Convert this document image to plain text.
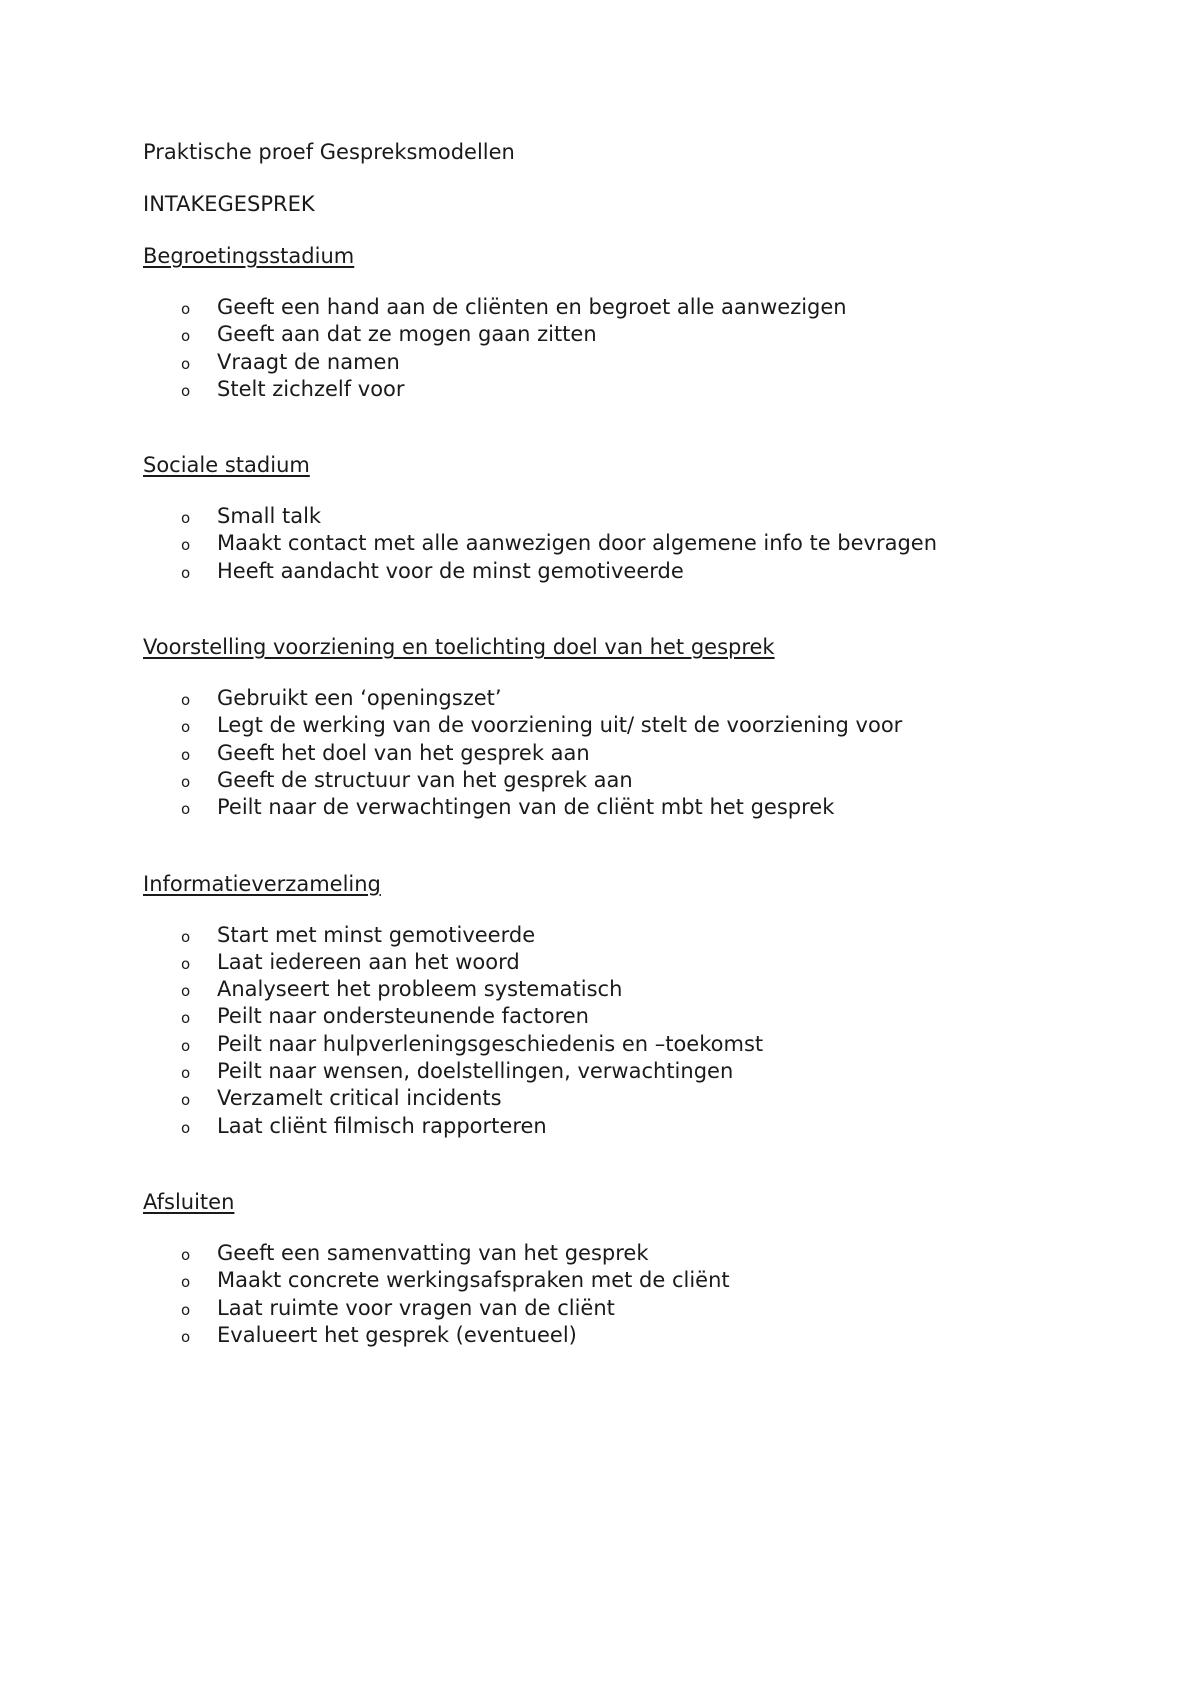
Praktische proef Gespreksmodellen

INTAKEGESPREK

Begroetingsstadium

o Geeft een hand aan de cliënten en begroet alle aanwezigen
o Geeft aan dat ze mogen gaan zitten
o Vraagt de namen
o Stelt zichzelf voor

Sociale stadium

o Small talk
o Maakt contact met alle aanwezigen door algemene info te bevragen
o Heeft aandacht voor de minst gemotiveerde

Voorstelling voorziening en toelichting doel van het gesprek

o Gebruikt een ‘openingszet’
o Legt de werking van de voorziening uit/ stelt de voorziening voor
o Geeft het doel van het gesprek aan
o Geeft de structuur van het gesprek aan
o Peilt naar de verwachtingen van de cliënt mbt het gesprek

Informatieverzameling

o Start met minst gemotiveerde
o Laat iedereen aan het woord
o Analyseert het probleem systematisch
o Peilt naar ondersteunende factoren
o Peilt naar hulpverleningsgeschiedenis en –toekomst
o Peilt naar wensen, doelstellingen, verwachtingen
o Verzamelt critical incidents
o Laat cliënt filmisch rapporteren

Afsluiten

o Geeft een samenvatting van het gesprek
o Maakt concrete werkingsafspraken met de cliënt
o Laat ruimte voor vragen van de cliënt
o Evalueert het gesprek (eventueel)
